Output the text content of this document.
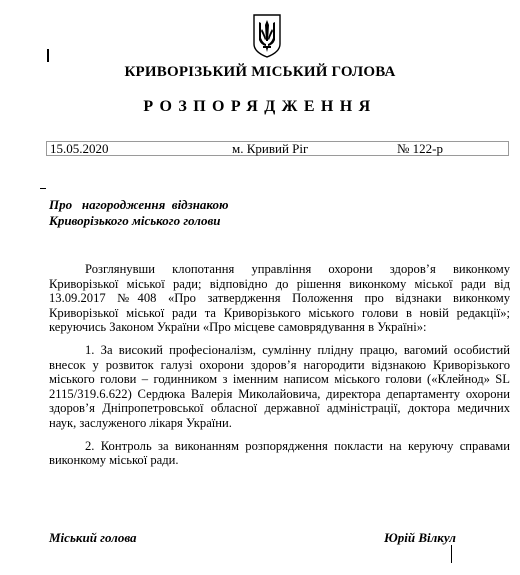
КРИВОРІЗЬКИЙ МІСЬКИЙ ГОЛОВА
РОЗПОРЯДЖЕННЯ
15.05.2020	м. Кривий Ріг	№ 122-р
Про   нагородження  відзнакою
Криворізького міського голови

Розглянувши клопотання управління охорони здоров’я виконкому Криворізької міської ради; відповідно до рішення виконкому міської ради від 13.09.2017 №408 «Про затвердження Положення про відзнаки виконкому Криворізької міської ради та Криворізького міського голови в новій редакції»; керуючись Законом України «Про місцеве самоврядування в Україні»:

1. За високий професіоналізм, сумлінну плідну працю, вагомий особистий внесок у розвиток галузі охорони здоров’я нагородити відзнакою Криворізького міського голови – годинником з іменним написом міського голови («Клейнод» SL 2115/319.6.622) Сердюка Валерія Миколайовича, директора департаменту охорони здоров’я Дніпропетровської обласної державної адміністрації, доктора медичних наук, заслуженого лікаря України.

2. Контроль за виконанням розпорядження покласти на керуючу справами виконкому міської ради.

Міський голова	Юрій Вілкул
